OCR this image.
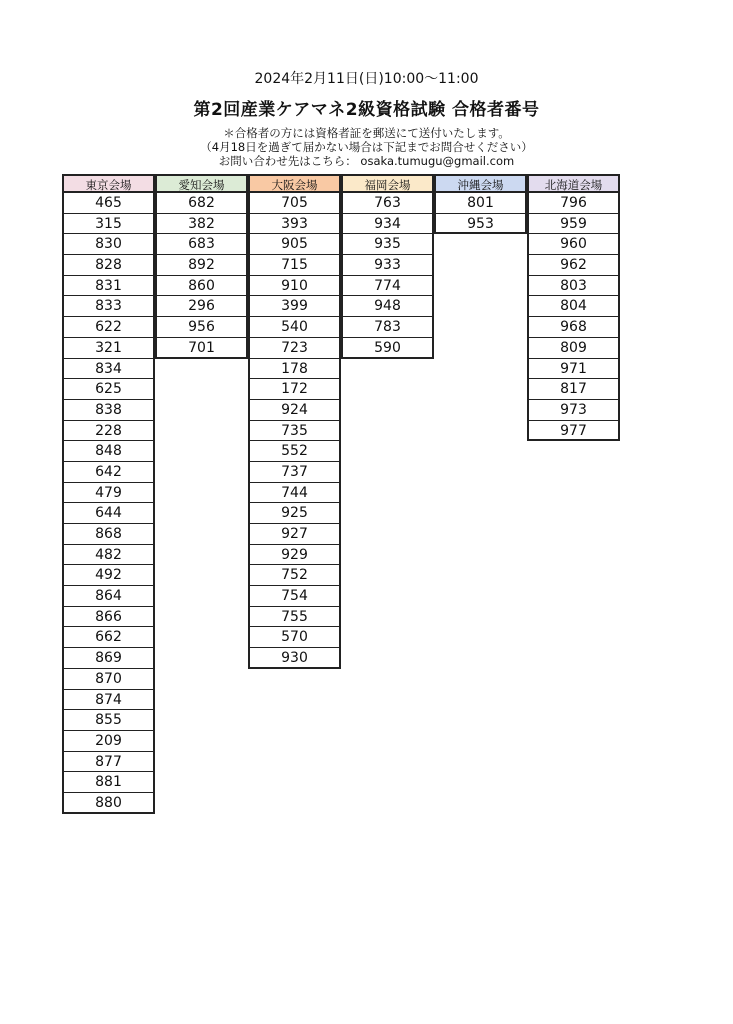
2024年2月11日(日)10:00〜11:00
第2回産業ケアマネ2級資格試験 合格者番号
＊合格者の方には資格者証を郵送にて送付いたします。
（4月18日を過ぎて届かない場合は下記までお問合せください）
お問い合わせ先はこちら： osaka.tumugu@gmail.com
東京会場
465
315
830
828
831
833
622
321
834
625
838
228
848
642
479
644
868
482
492
864
866
662
869
870
874
855
209
877
881
880
愛知会場
682
382
683
892
860
296
956
701
大阪会場
705
393
905
715
910
399
540
723
178
172
924
735
552
737
744
925
927
929
752
754
755
570
930
福岡会場
763
934
935
933
774
948
783
590
沖縄会場
801
953
北海道会場
796
959
960
962
803
804
968
809
971
817
973
977
